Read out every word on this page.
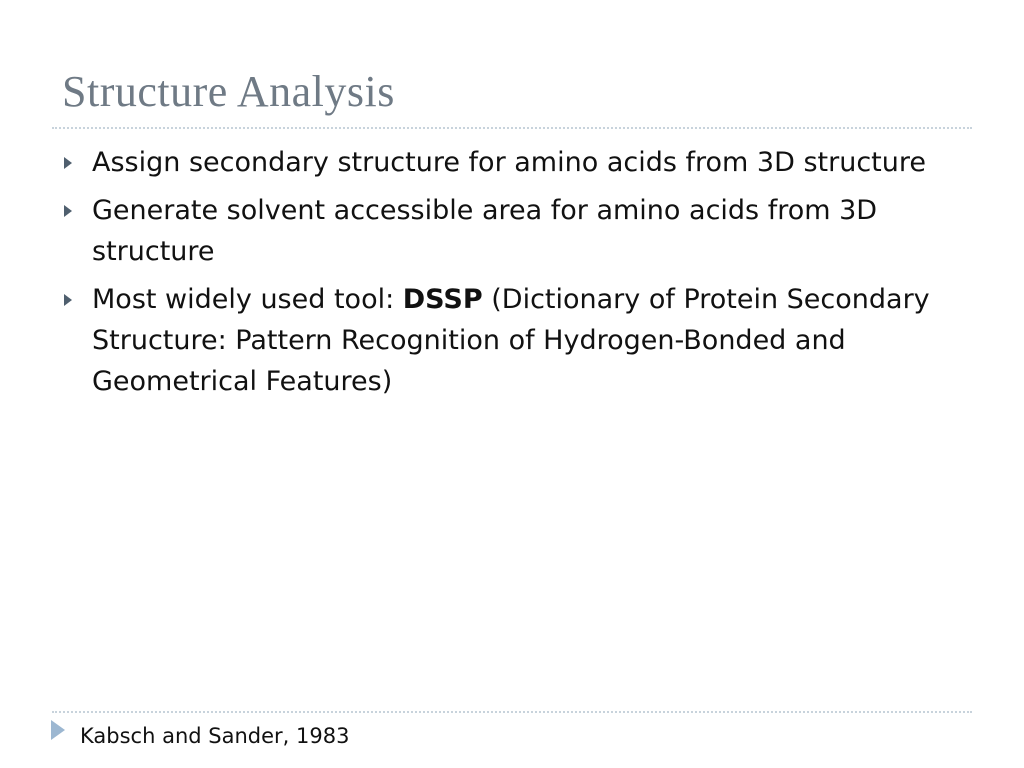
Structure Analysis
Assign secondary structure for amino acids from 3D structure
Generate solvent accessible area for amino acids from 3D structure
Most widely used tool: DSSP (Dictionary of Protein Secondary Structure: Pattern Recognition of Hydrogen-Bonded and Geometrical Features)
Kabsch and Sander, 1983
